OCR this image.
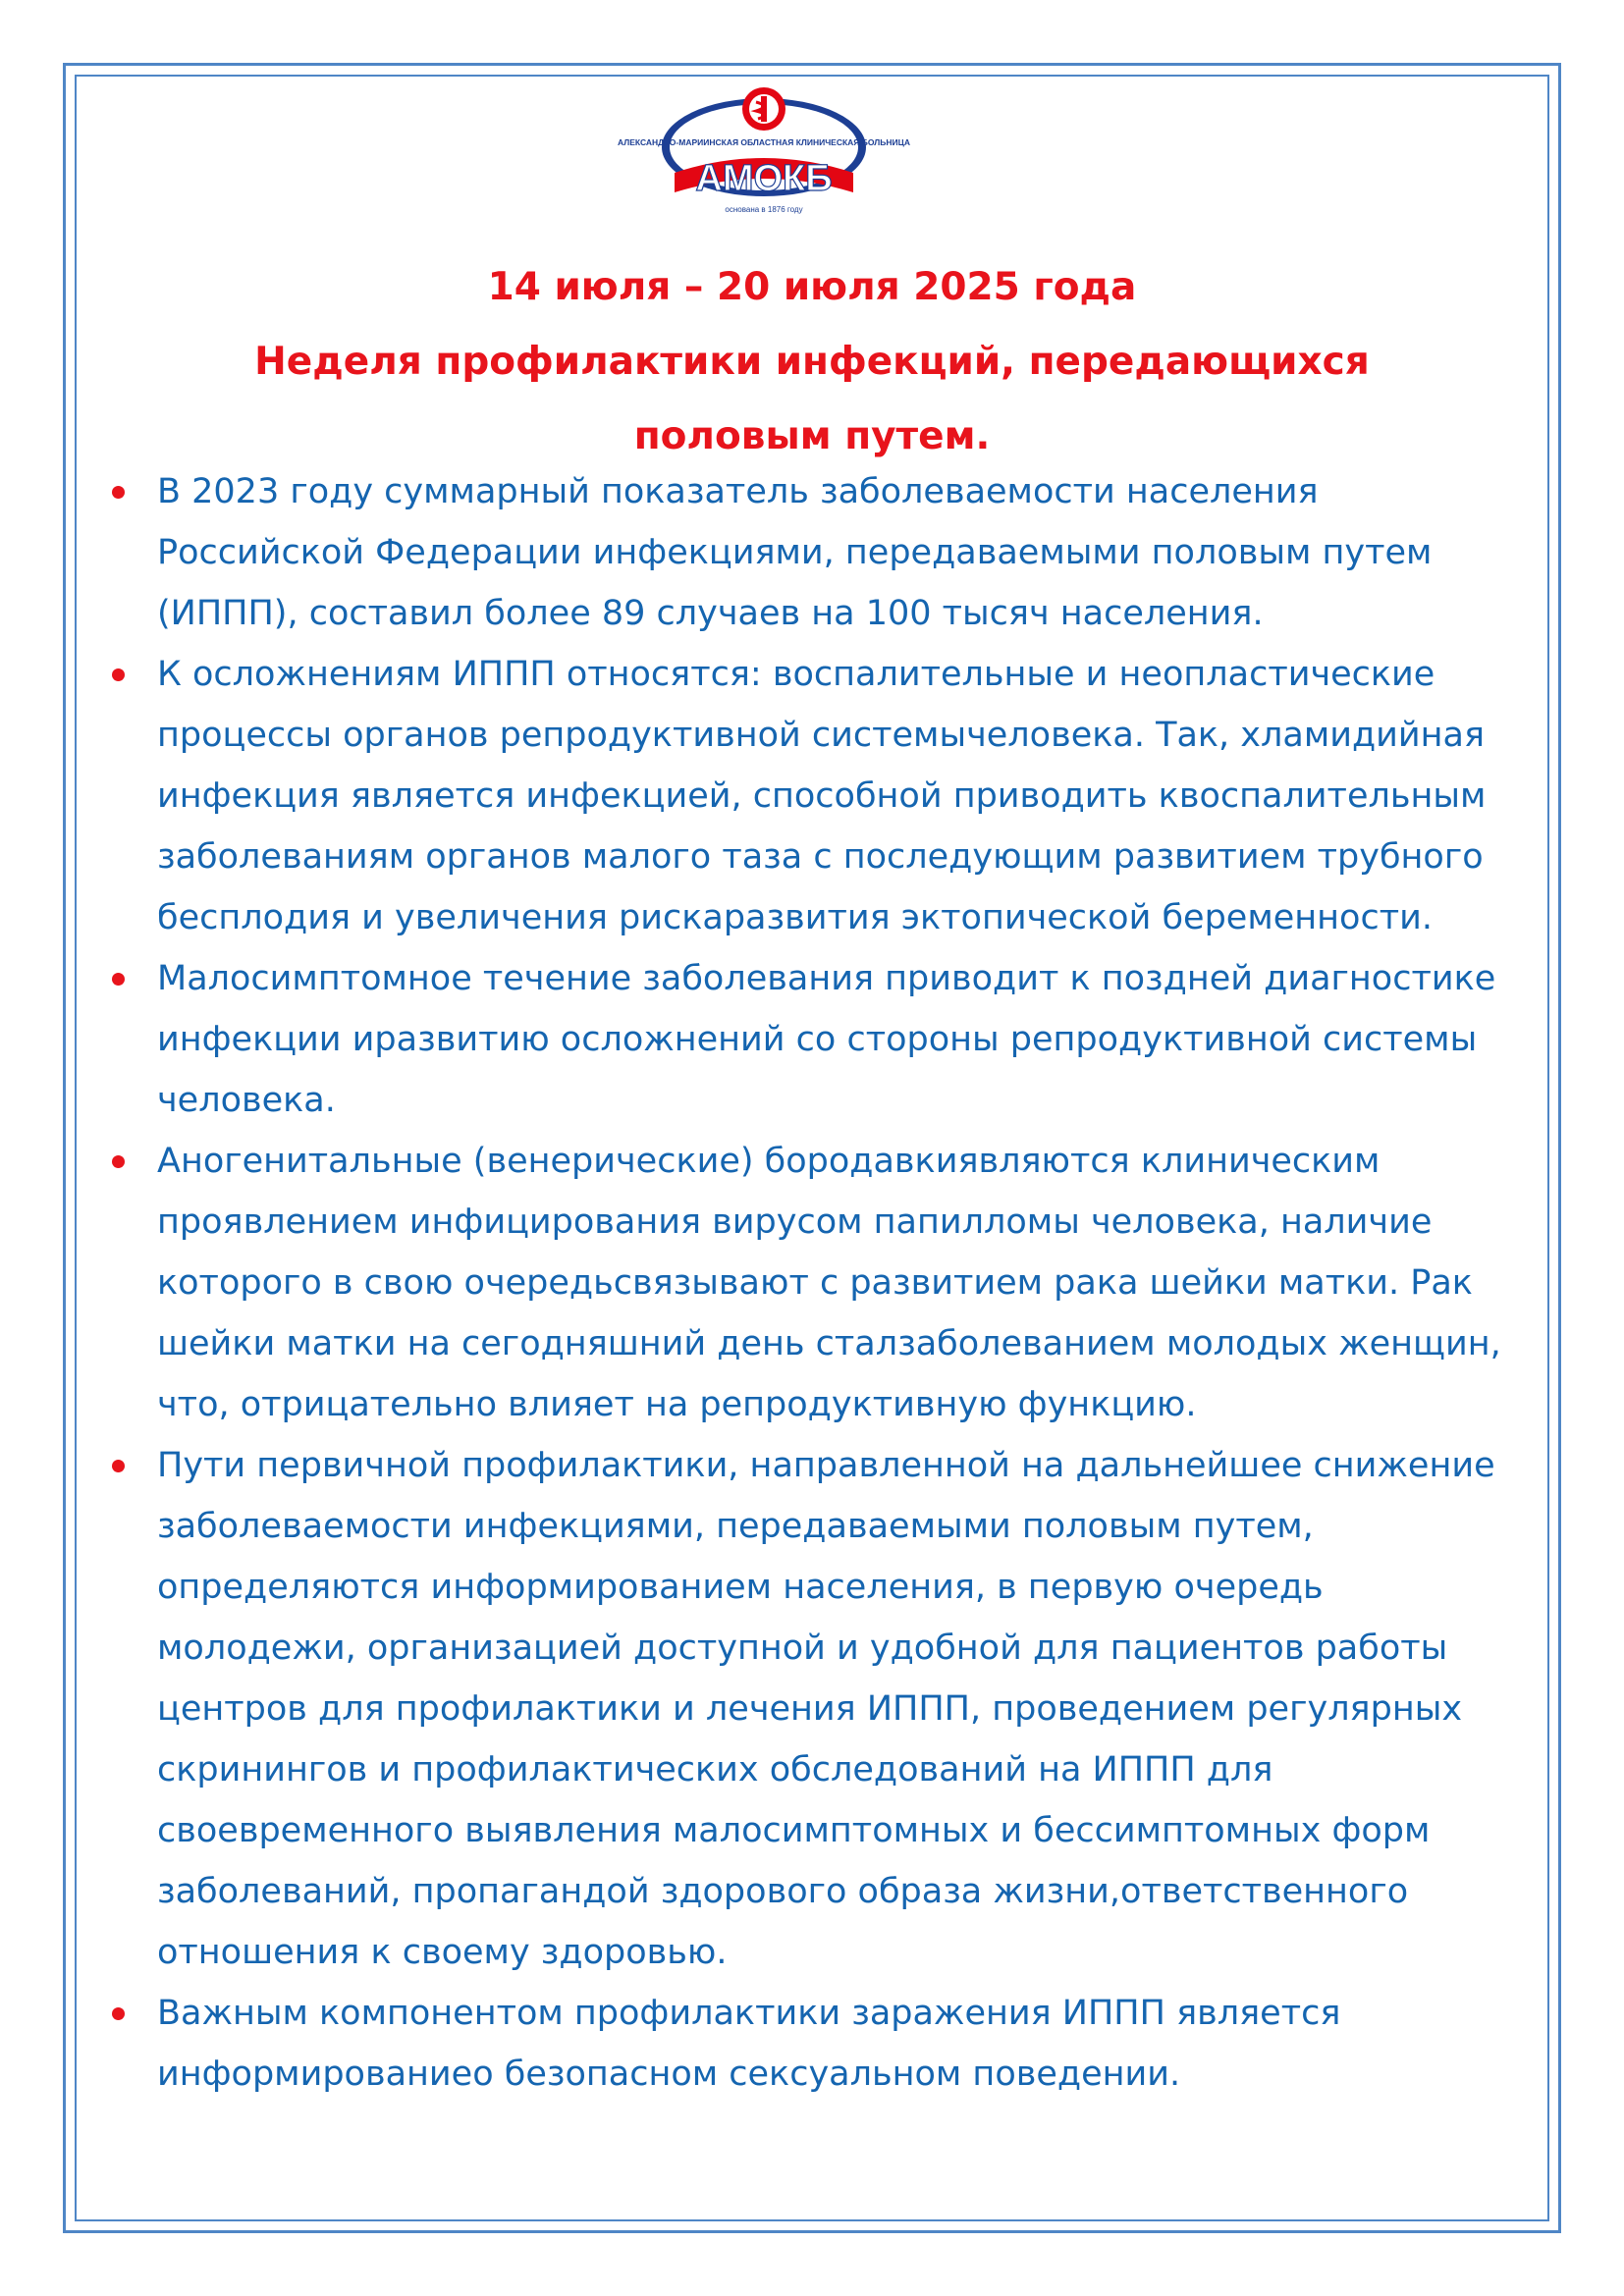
АЛЕКСАНДРО-МАРИИНСКАЯ ОБЛАСТНАЯ КЛИНИЧЕСКАЯ БОЛЬНИЦА
АМОКБ
основана в 1876 году
14 июля – 20 июля 2025 года
Неделя профилактики инфекций, передающихся
половым путем.
В 2023 году суммарный показатель заболеваемости населения Российской Федерации инфекциями, передаваемыми половым путем (ИППП), составил более 89 случаев на 100 тысяч населения.
К осложнениям ИППП относятся: воспалительные и неопластические процессы органов репродуктивной системычеловека. Так, хламидийная инфекция является инфекцией, способной приводить квоспалительным заболеваниям органов малого таза с последующим развитием трубного бесплодия и увеличения рискаразвития эктопической беременности.
Малосимптомное течение заболевания приводит к поздней диагностике инфекции иразвитию осложнений со стороны репродуктивной системы человека.
Аногенитальные (венерические) бородавкиявляются клиническим проявлением инфицирования вирусом папилломы человека, наличие которого в свою очередьсвязывают с развитием рака шейки матки. Рак шейки матки на сегодняшний день сталзаболеванием молодых женщин, что, отрицательно влияет на репродуктивную функцию.
Пути первичной профилактики, направленной на дальнейшее снижение заболеваемости инфекциями, передаваемыми половым путем, определяются информированием населения, в первую очередь молодежи, организацией доступной и удобной для пациентов работы центров для профилактики и лечения ИППП, проведением регулярных скринингов и профилактических обследований на ИППП для своевременного выявления малосимптомных и бессимптомных форм заболеваний, пропагандой здорового образа жизни,ответственного отношения к своему здоровью.
Важным компонентом профилактики заражения ИППП является информированиео безопасном сексуальном поведении.
